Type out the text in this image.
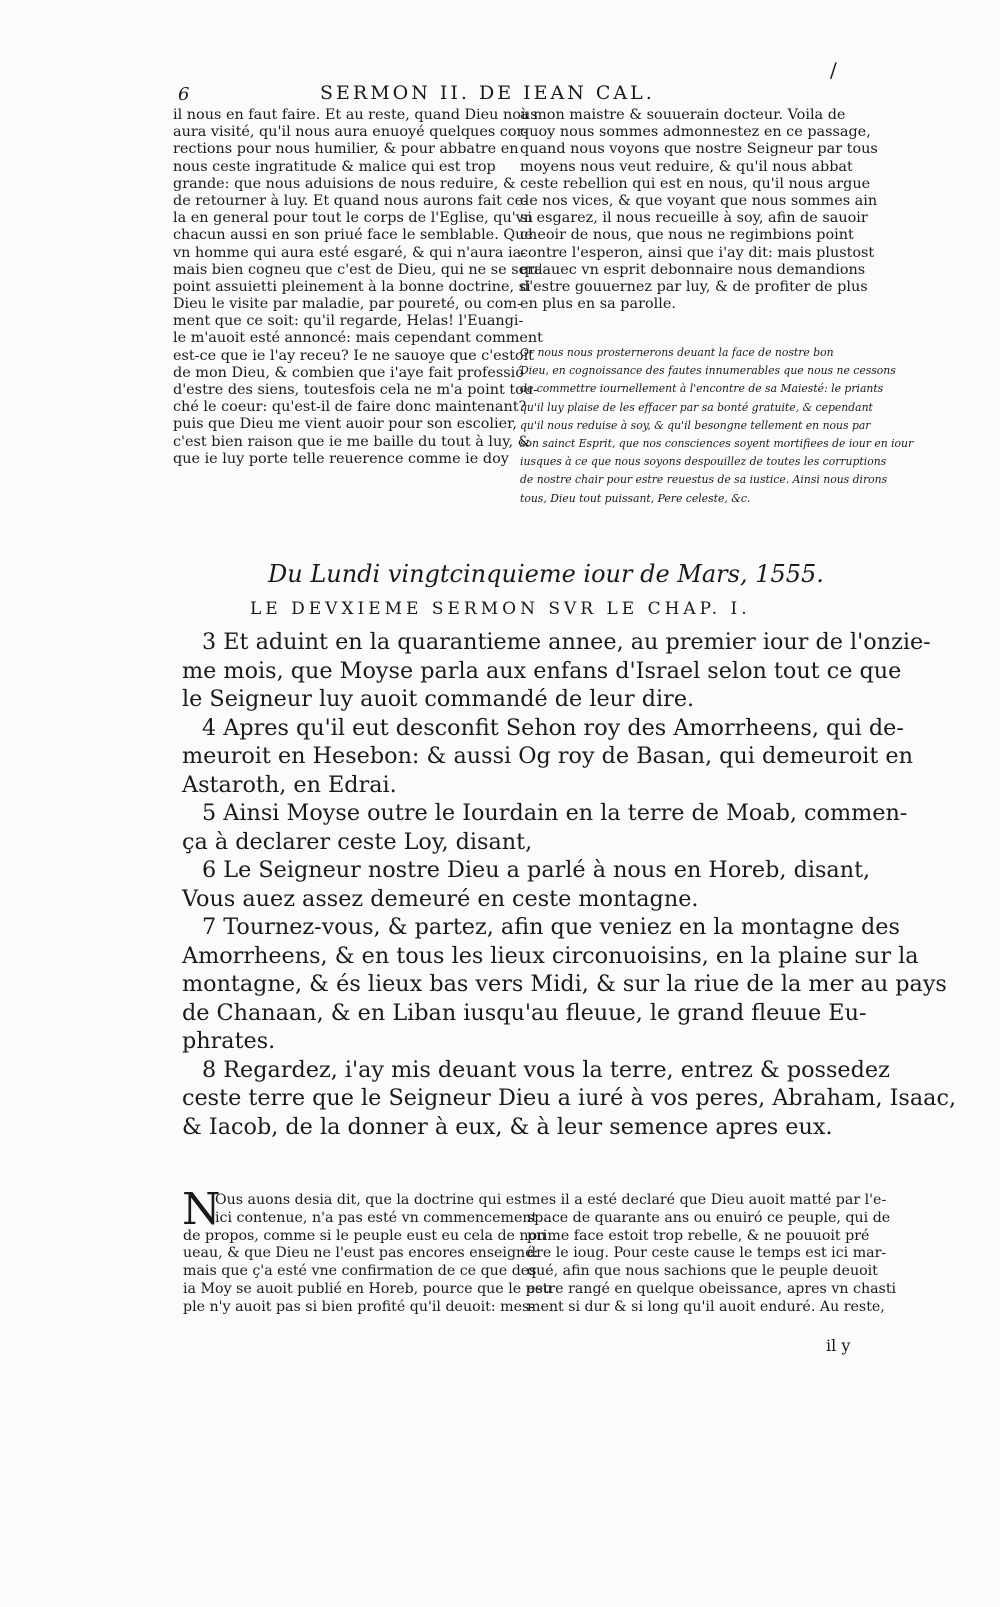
6	SERMON II. DE IEAN CAL.
/
il nous en faut faire. Et au reste, quand Dieu nous
aura visité, qu'il nous aura enuoyé quelques cor-
rections pour nous humilier, & pour abbatre en
nous ceste ingratitude & malice qui est trop
grande: que nous aduisions de nous reduire, &
de retourner à luy. Et quand nous aurons fait ce-
la en general pour tout le corps de l'Eglise, qu'vn
chacun aussi en son priué face le semblable. Que
vn homme qui aura esté esgaré, & qui n'aura ia-
mais bien cogneu que c'est de Dieu, qui ne se sera
point assuietti pleinement à la bonne doctrine, si
Dieu le visite par maladie, par poureté, ou com-
ment que ce soit: qu'il regarde, Helas! l'Euangi-
le m'auoit esté annoncé: mais cependant comment
est-ce que ie l'ay receu? Ie ne sauoye que c'estoit
de mon Dieu, & combien que i'aye fait professió
d'estre des siens, toutesfois cela ne m'a point tou-
ché le coeur: qu'est-il de faire donc maintenant?
puis que Dieu me vient auoir pour son escolier,
c'est bien raison que ie me baille du tout à luy, &
que ie luy porte telle reuerence comme ie doy
à mon maistre & souuerain docteur. Voila de
quoy nous sommes admonnestez en ce passage,
quand nous voyons que nostre Seigneur par tous
moyens nous veut reduire, & qu'il nous abbat
ceste rebellion qui est en nous, qu'il nous argue
de nos vices, & que voyant que nous sommes ain
si esgarez, il nous recueille à soy, afin de sauoir
cheoir de nous, que nous ne regimbions point
contre l'esperon, ainsi que i'ay dit: mais plustost
qu'auec vn esprit debonnaire nous demandions
d'estre gouuernez par luy, & de profiter de plus
en plus en sa parolle.
Or nous nous prosternerons deuant la face de nostre bon
Dieu, en cognoissance des fautes innumerables que nous ne cessons
de commettre iournellement à l'encontre de sa Maiesté: le priants
qu'il luy plaise de les effacer par sa bonté gratuite, & cependant
qu'il nous reduise à soy, & qu'il besongne tellement en nous par
son sainct Esprit, que nos consciences soyent mortifiees de iour en iour
iusques à ce que nous soyons despouillez de toutes les corruptions
de nostre chair pour estre reuestus de sa iustice. Ainsi nous dirons
tous, Dieu tout puissant, Pere celeste, &c.
Du Lundi vingtcinquieme iour de Mars, 1555.
LE DEVXIEME SERMON SVR LE CHAP. I.
3 Et aduint en la quarantieme annee, au premier iour de l'onzie-
me mois, que Moyse parla aux enfans d'Israel selon tout ce que
le Seigneur luy auoit commandé de leur dire.
4 Apres qu'il eut desconfit Sehon roy des Amorrheens, qui de-
meuroit en Hesebon: & aussi Og roy de Basan, qui demeuroit en
Astaroth, en Edrai.
5 Ainsi Moyse outre le Iourdain en la terre de Moab, commen-
ça à declarer ceste Loy, disant,
6 Le Seigneur nostre Dieu a parlé à nous en Horeb, disant,
Vous auez assez demeuré en ceste montagne.
7 Tournez-vous, & partez, afin que veniez en la montagne des
Amorrheens, & en tous les lieux circonuoisins, en la plaine sur la
montagne, & és lieux bas vers Midi, & sur la riue de la mer au pays
de Chanaan, & en Liban iusqu'au fleuue, le grand fleuue Eu-
phrates.
8 Regardez, i'ay mis deuant vous la terre, entrez & possedez
ceste terre que le Seigneur Dieu a iuré à vos peres, Abraham, Isaac,
& Iacob, de la donner à eux, & à leur semence apres eux.
N
Ous auons desia dit, que la doctrine qui est
ici contenue, n'a pas esté vn commencement
de propos, comme si le peuple eust eu cela de nou
ueau, & que Dieu ne l'eust pas encores enseigné:
mais que ç'a esté vne confirmation de ce que des
ia Moy se auoit publié en Horeb, pource que le peu
ple n'y auoit pas si bien profité qu'il deuoit: mes-
mes il a esté declaré que Dieu auoit matté par l'e-
space de quarante ans ou enuiró ce peuple, qui de
prime face estoit trop rebelle, & ne pouuoit pré
dre le ioug. Pour ceste cause le temps est ici mar-
qué, afin que nous sachions que le peuple deuoit
estre rangé en quelque obeissance, apres vn chasti
ment si dur & si long qu'il auoit enduré. Au reste,
il y
